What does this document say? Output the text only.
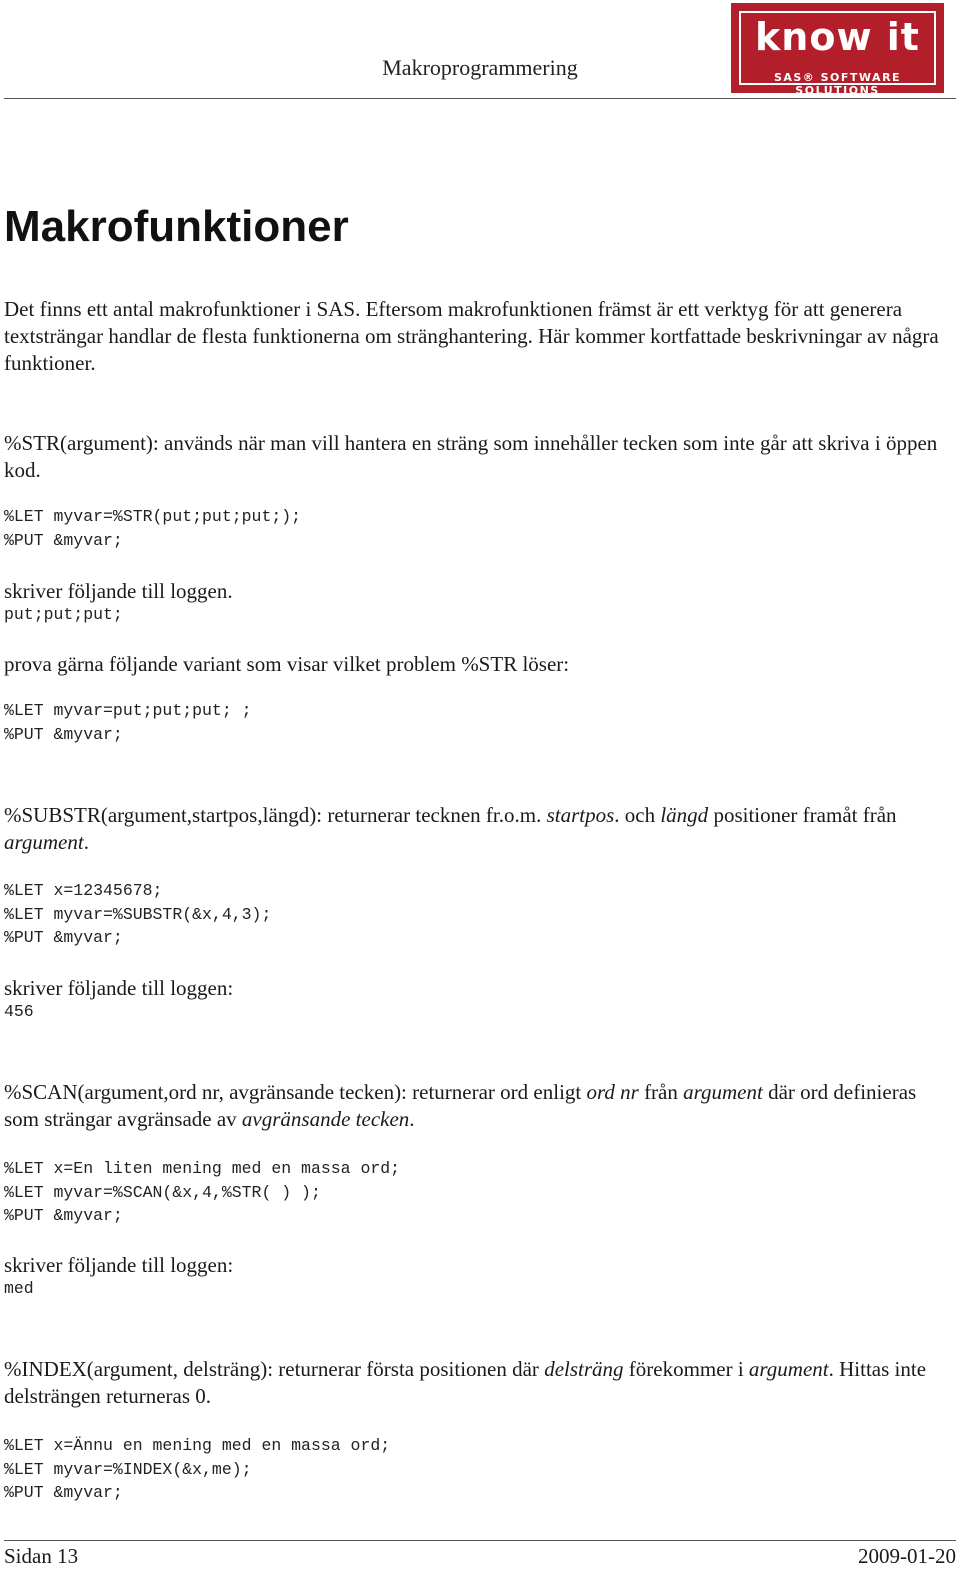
Makroprogrammering
know it
SAS® SOFTWARE SOLUTIONS
Makrofunktioner

Det finns ett antal makrofunktioner i SAS. Eftersom makrofunktionen främst är ett verktyg för att generera textsträngar handlar de flesta funktionerna om stränghantering. Här kommer kortfattade beskrivningar av några funktioner.

%STR(argument): används när man vill hantera en sträng som innehåller tecken som inte går att skriva i öppen kod.

%LET myvar=%STR(put;put;put;);
%PUT &myvar;

skriver följande till loggen.

put;put;put;

prova gärna följande variant som visar vilket problem %STR löser:

%LET myvar=put;put;put; ;
%PUT &myvar;

%SUBSTR(argument,startpos,längd): returnerar tecknen fr.o.m. startpos. och längd positioner framåt från argument.

%LET x=12345678;
%LET myvar=%SUBSTR(&x,4,3);
%PUT &myvar;

skriver följande till loggen:

456

%SCAN(argument,ord nr, avgränsande tecken): returnerar ord enligt ord nr från argument där ord definieras som strängar avgränsade av avgränsande tecken.

%LET x=En liten mening med en massa ord;
%LET myvar=%SCAN(&x,4,%STR( ) );
%PUT &myvar;

skriver följande till loggen:

med

%INDEX(argument, delsträng): returnerar första positionen där delsträng förekommer i argument. Hittas inte delsträngen returneras 0.

%LET x=Ännu en mening med en massa ord;
%LET myvar=%INDEX(&x,me);
%PUT &myvar;
Sidan 13	2009-01-20
